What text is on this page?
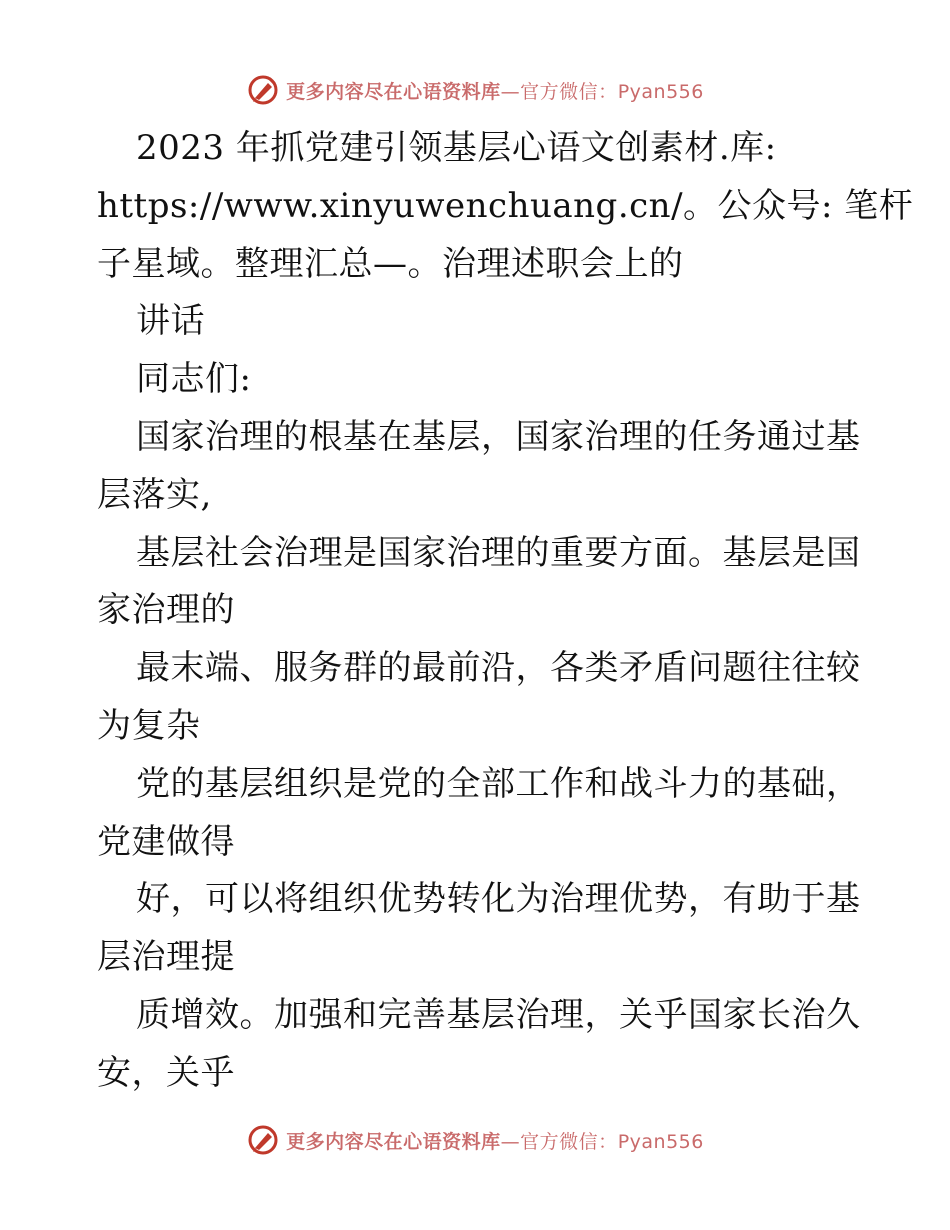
更多内容尽在心语资料库—官方微信：Pyan556
2023 年抓党建引领基层心语文创素材.库:
https://www.xinyuwenchuang.cn/。公众号: 笔杆
子星域。整理汇总—。治理述职会上的
讲话
同志们:
国家治理的根基在基层，国家治理的任务通过基
层落实,
基层社会治理是国家治理的重要方面。基层是国
家治理的
最末端、服务群的最前沿，各类矛盾问题往往较
为复杂
党的基层组织是党的全部工作和战斗力的基础，
党建做得
好，可以将组织优势转化为治理优势，有助于基
层治理提
质增效。加强和完善基层治理，关乎国家长治久
安，关乎
更多内容尽在心语资料库—官方微信：Pyan556
